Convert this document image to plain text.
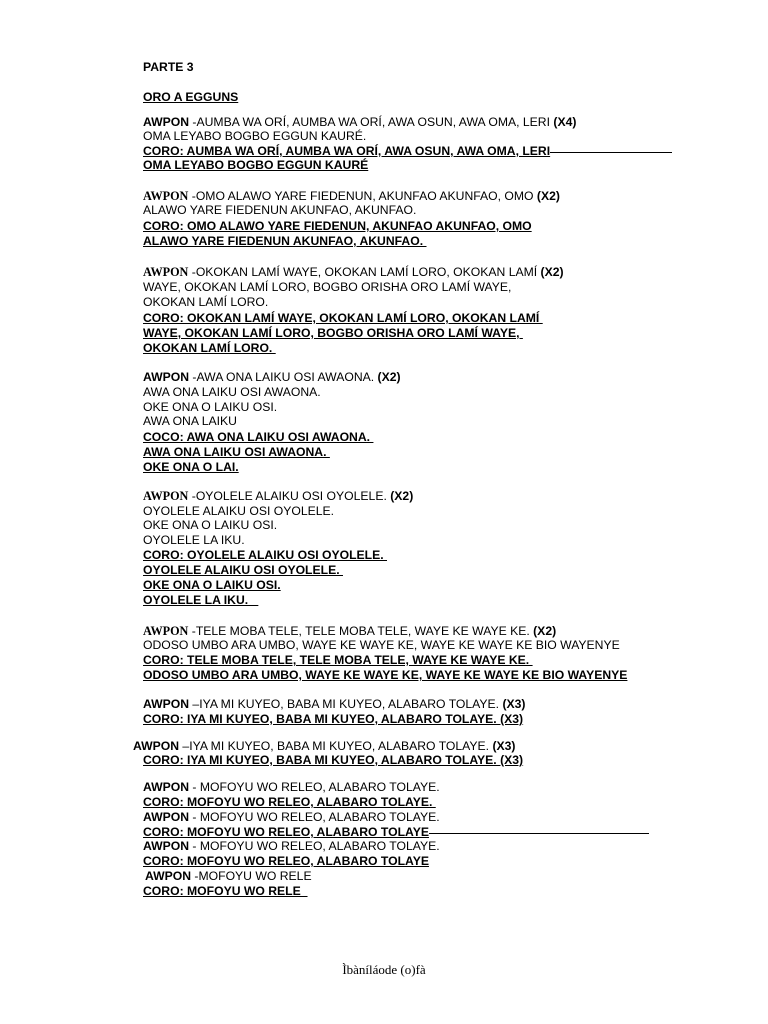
PARTE 3
ORO A EGGUNS
AWPON -AUMBA WA ORÍ, AUMBA WA ORÍ, AWA OSUN, AWA OMA, LERI (X4)
OMA LEYABO BOGBO EGGUN KAURÉ.
CORO: AUMBA WA ORÍ, AUMBA WA ORÍ, AWA OSUN, AWA OMA, LERI
OMA LEYABO BOGBO EGGUN KAURÉ
AWPON -OMO ALAWO YARE FIEDENUN, AKUNFAO AKUNFAO, OMO (X2)
ALAWO YARE FIEDENUN AKUNFAO, AKUNFAO.
CORO: OMO ALAWO YARE FIEDENUN, AKUNFAO AKUNFAO, OMO
ALAWO YARE FIEDENUN AKUNFAO, AKUNFAO.
AWPON -OKOKAN LAMÍ WAYE, OKOKAN LAMÍ LORO, OKOKAN LAMÍ (X2)
WAYE, OKOKAN LAMÍ LORO, BOGBO ORISHA ORO LAMÍ WAYE,
OKOKAN LAMÍ LORO.
CORO: OKOKAN LAMÍ WAYE, OKOKAN LAMÍ LORO, OKOKAN LAMÍ
WAYE, OKOKAN LAMÍ LORO, BOGBO ORISHA ORO LAMÍ WAYE,
OKOKAN LAMÍ LORO.
AWPON -AWA ONA LAIKU OSI AWAONA. (X2)
AWA ONA LAIKU OSI AWAONA.
OKE ONA O LAIKU OSI.
AWA ONA LAIKU
COCO: AWA ONA LAIKU OSI AWAONA.
AWA ONA LAIKU OSI AWAONA.
OKE ONA O LAI.
AWPON -OYOLELE ALAIKU OSI OYOLELE. (X2)
OYOLELE ALAIKU OSI OYOLELE.
OKE ONA O LAIKU OSI.
OYOLELE LA IKU.
CORO: OYOLELE ALAIKU OSI OYOLELE.
OYOLELE ALAIKU OSI OYOLELE.
OKE ONA O LAIKU OSI.
OYOLELE LA IKU.
AWPON -TELE MOBA TELE, TELE MOBA TELE, WAYE KE WAYE KE. (X2)
ODOSO UMBO ARA UMBO, WAYE KE WAYE KE, WAYE KE WAYE KE BIO WAYENYE
CORO: TELE MOBA TELE, TELE MOBA TELE, WAYE KE WAYE KE.
ODOSO UMBO ARA UMBO, WAYE KE WAYE KE, WAYE KE WAYE KE BIO WAYENYE
AWPON –IYA MI KUYEO, BABA MI KUYEO, ALABARO TOLAYE. (X3)
CORO: IYA MI KUYEO, BABA MI KUYEO, ALABARO TOLAYE. (X3)
AWPON –IYA MI KUYEO, BABA MI KUYEO, ALABARO TOLAYE. (X3)
CORO: IYA MI KUYEO, BABA MI KUYEO, ALABARO TOLAYE. (X3)
AWPON - MOFOYU WO RELEO, ALABARO TOLAYE.
CORO: MOFOYU WO RELEO, ALABARO TOLAYE.
AWPON - MOFOYU WO RELEO, ALABARO TOLAYE.
CORO: MOFOYU WO RELEO, ALABARO TOLAYE
AWPON - MOFOYU WO RELEO, ALABARO TOLAYE.
CORO: MOFOYU WO RELEO, ALABARO TOLAYE
AWPON -MOFOYU WO RELE
CORO: MOFOYU WO RELE
Ìbàníláode (o)fà
